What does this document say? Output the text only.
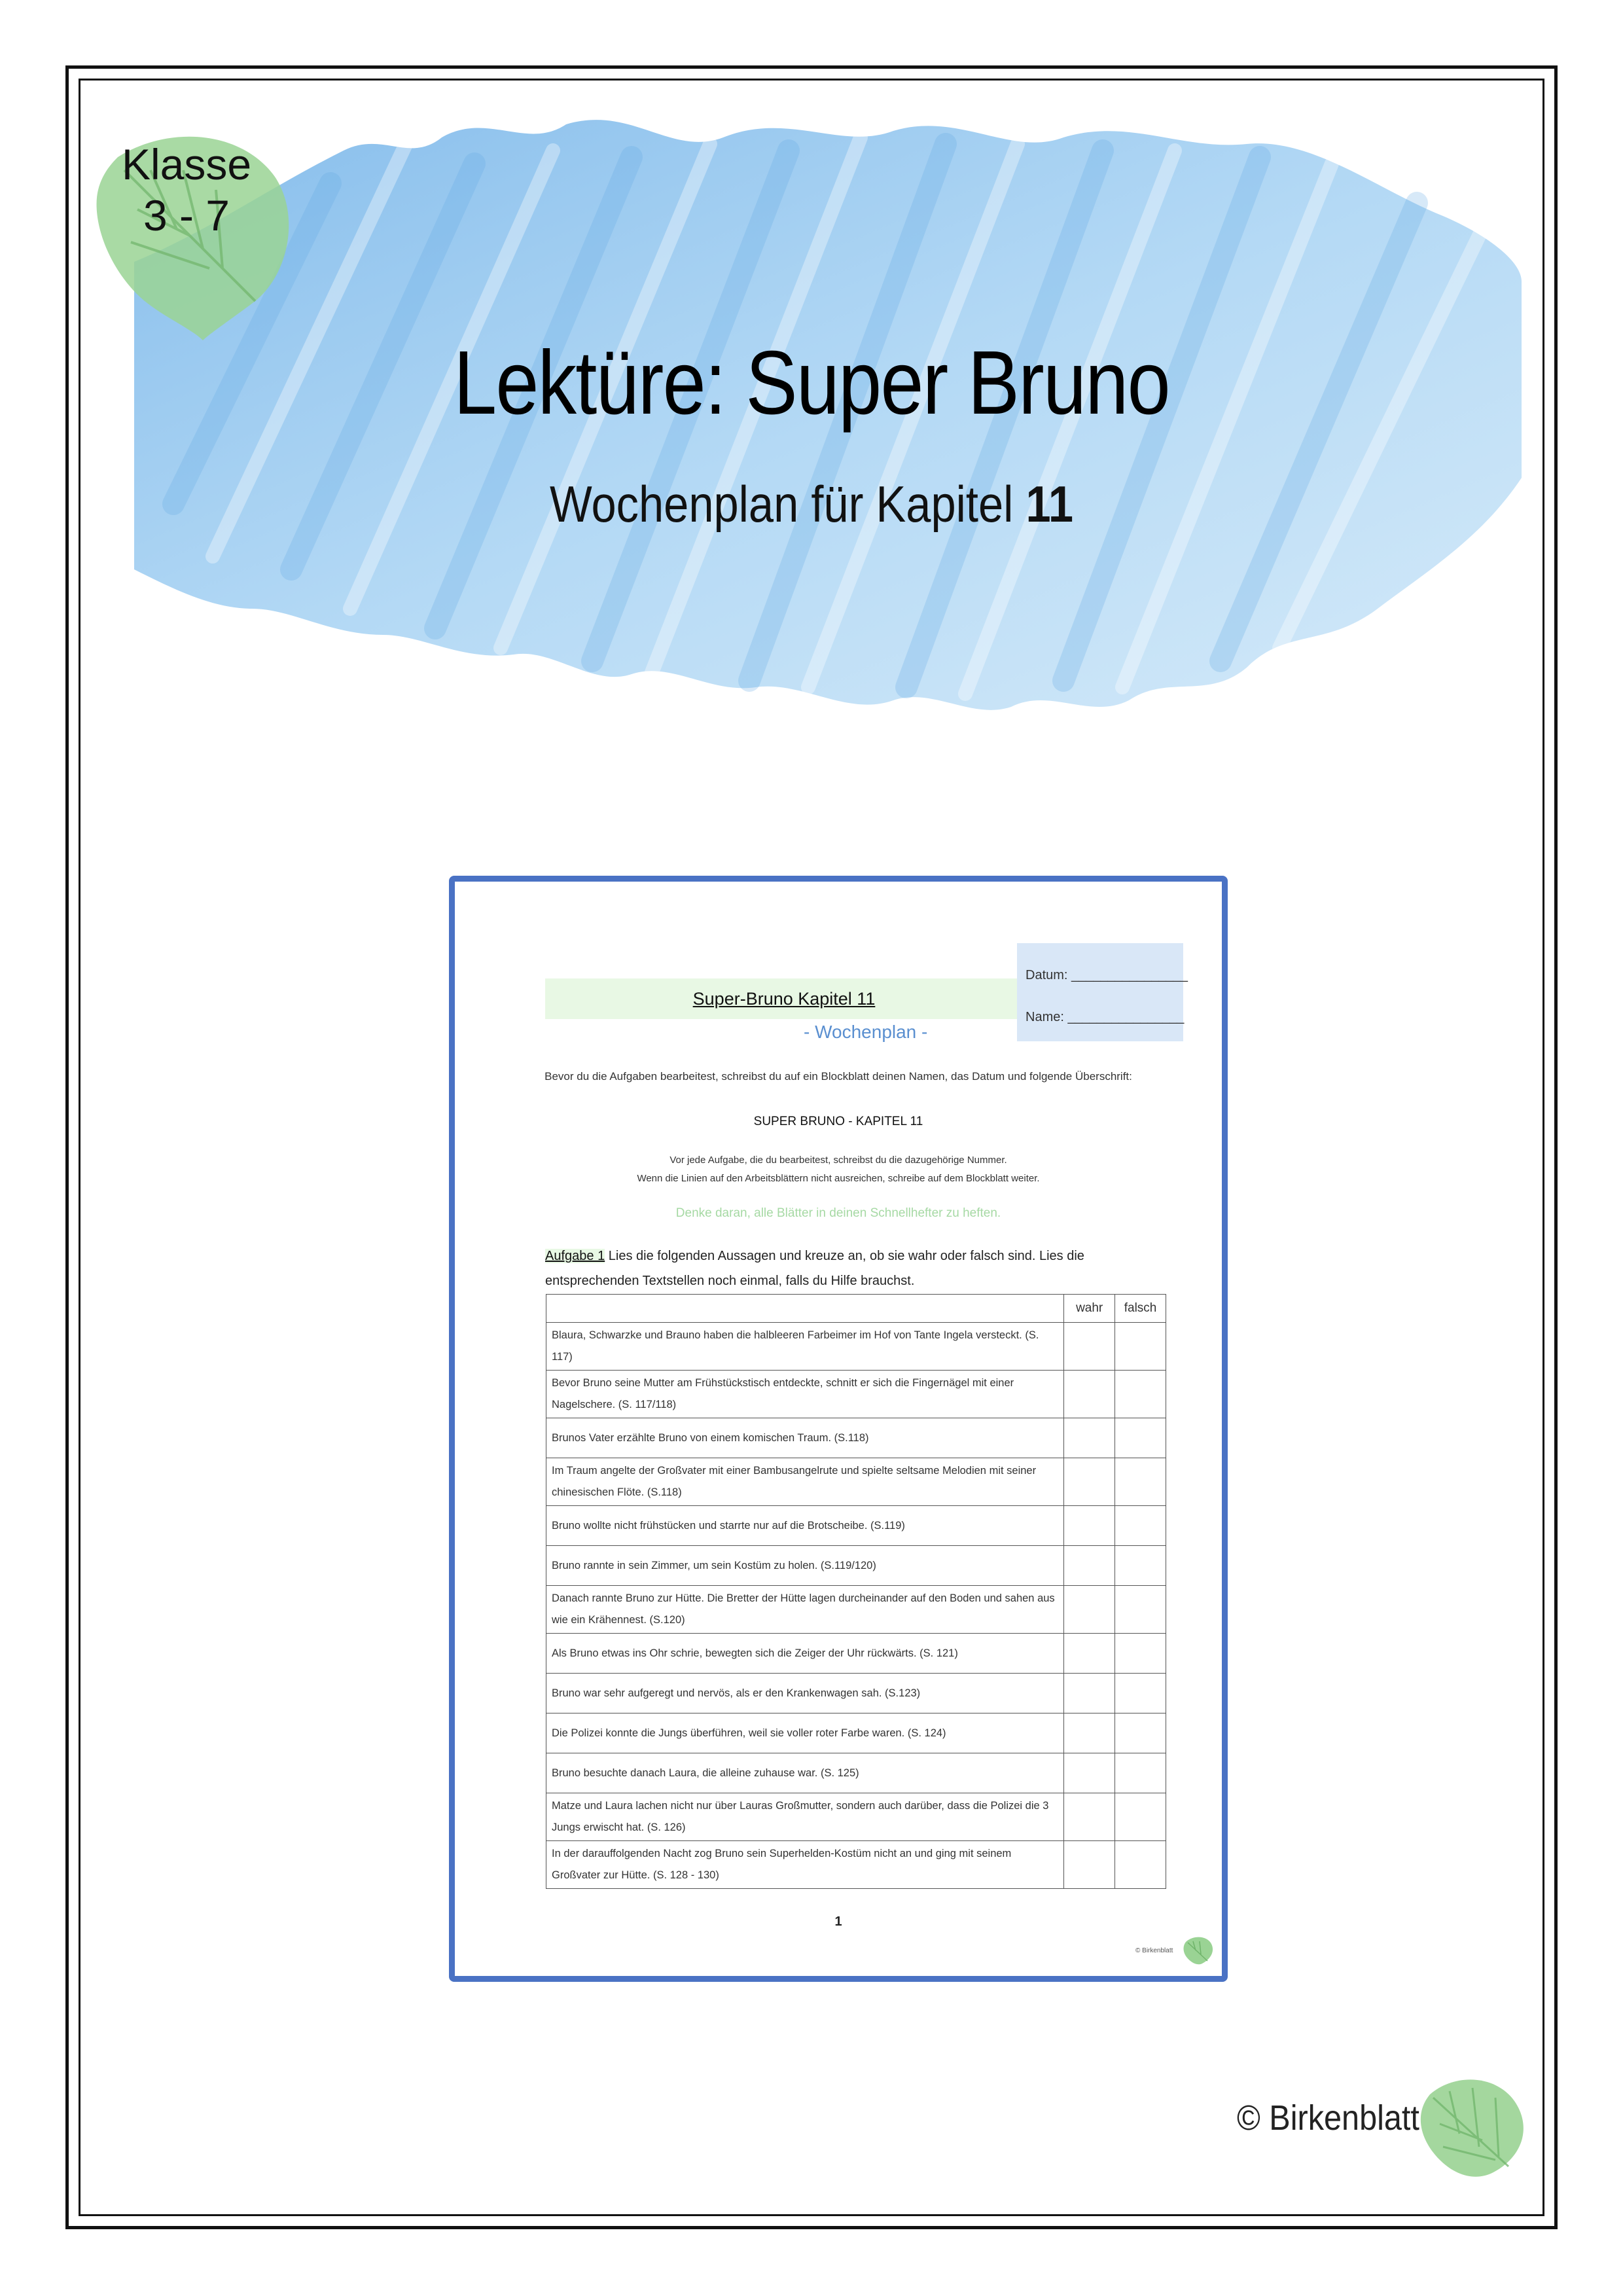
Klasse
3 - 7
Lektüre: Super Bruno
Wochenplan für Kapitel 11
Super-Bruno Kapitel 11
Datum: ________________
Name: ________________
- Wochenplan -
Bevor du die Aufgaben bearbeitest, schreibst du auf ein Blockblatt deinen Namen, das Datum und folgende Überschrift:
SUPER BRUNO - KAPITEL 11
Vor jede Aufgabe, die du bearbeitest, schreibst du die dazugehörige Nummer.
Wenn die Linien auf den Arbeitsblättern nicht ausreichen, schreibe auf dem Blockblatt weiter.
Denke daran, alle Blätter in deinen Schnellhefter zu heften.
Aufgabe 1 Lies die folgenden Aussagen und kreuze an, ob sie wahr oder falsch sind. Lies die entsprechenden Textstellen noch einmal, falls du Hilfe brauchst.
	wahr	falsch
Blaura, Schwarzke und Brauno haben die halbleeren Farbeimer im Hof von Tante Ingela versteckt. (S. 117)		
Bevor Bruno seine Mutter am Frühstückstisch entdeckte, schnitt er sich die Fingernägel mit einer Nagelschere. (S. 117/118)		
Brunos Vater erzählte Bruno von einem komischen Traum. (S.118)		
Im Traum angelte der Großvater mit einer Bambusangelrute und spielte seltsame Melodien mit seiner chinesischen Flöte. (S.118)		
Bruno wollte nicht frühstücken und starrte nur auf die Brotscheibe. (S.119)		
Bruno rannte in sein Zimmer, um sein Kostüm zu holen. (S.119/120)		
Danach rannte Bruno zur Hütte. Die Bretter der Hütte lagen durcheinander auf den Boden und sahen aus wie ein Krähennest. (S.120)		
Als Bruno etwas ins Ohr schrie, bewegten sich die Zeiger der Uhr rückwärts. (S. 121)		
Bruno war sehr aufgeregt und nervös, als er den Krankenwagen sah. (S.123)		
Die Polizei konnte die Jungs überführen, weil sie voller roter Farbe waren. (S. 124)		
Bruno besuchte danach Laura, die alleine zuhause war. (S. 125)		
Matze und Laura lachen nicht nur über Lauras Großmutter, sondern auch darüber, dass die Polizei die 3 Jungs erwischt hat. (S. 126)		
In der darauffolgenden Nacht zog Bruno sein Superhelden-Kostüm nicht an und ging mit seinem Großvater zur Hütte. (S. 128 - 130)		
1
© Birkenblatt
© Birkenblatt
